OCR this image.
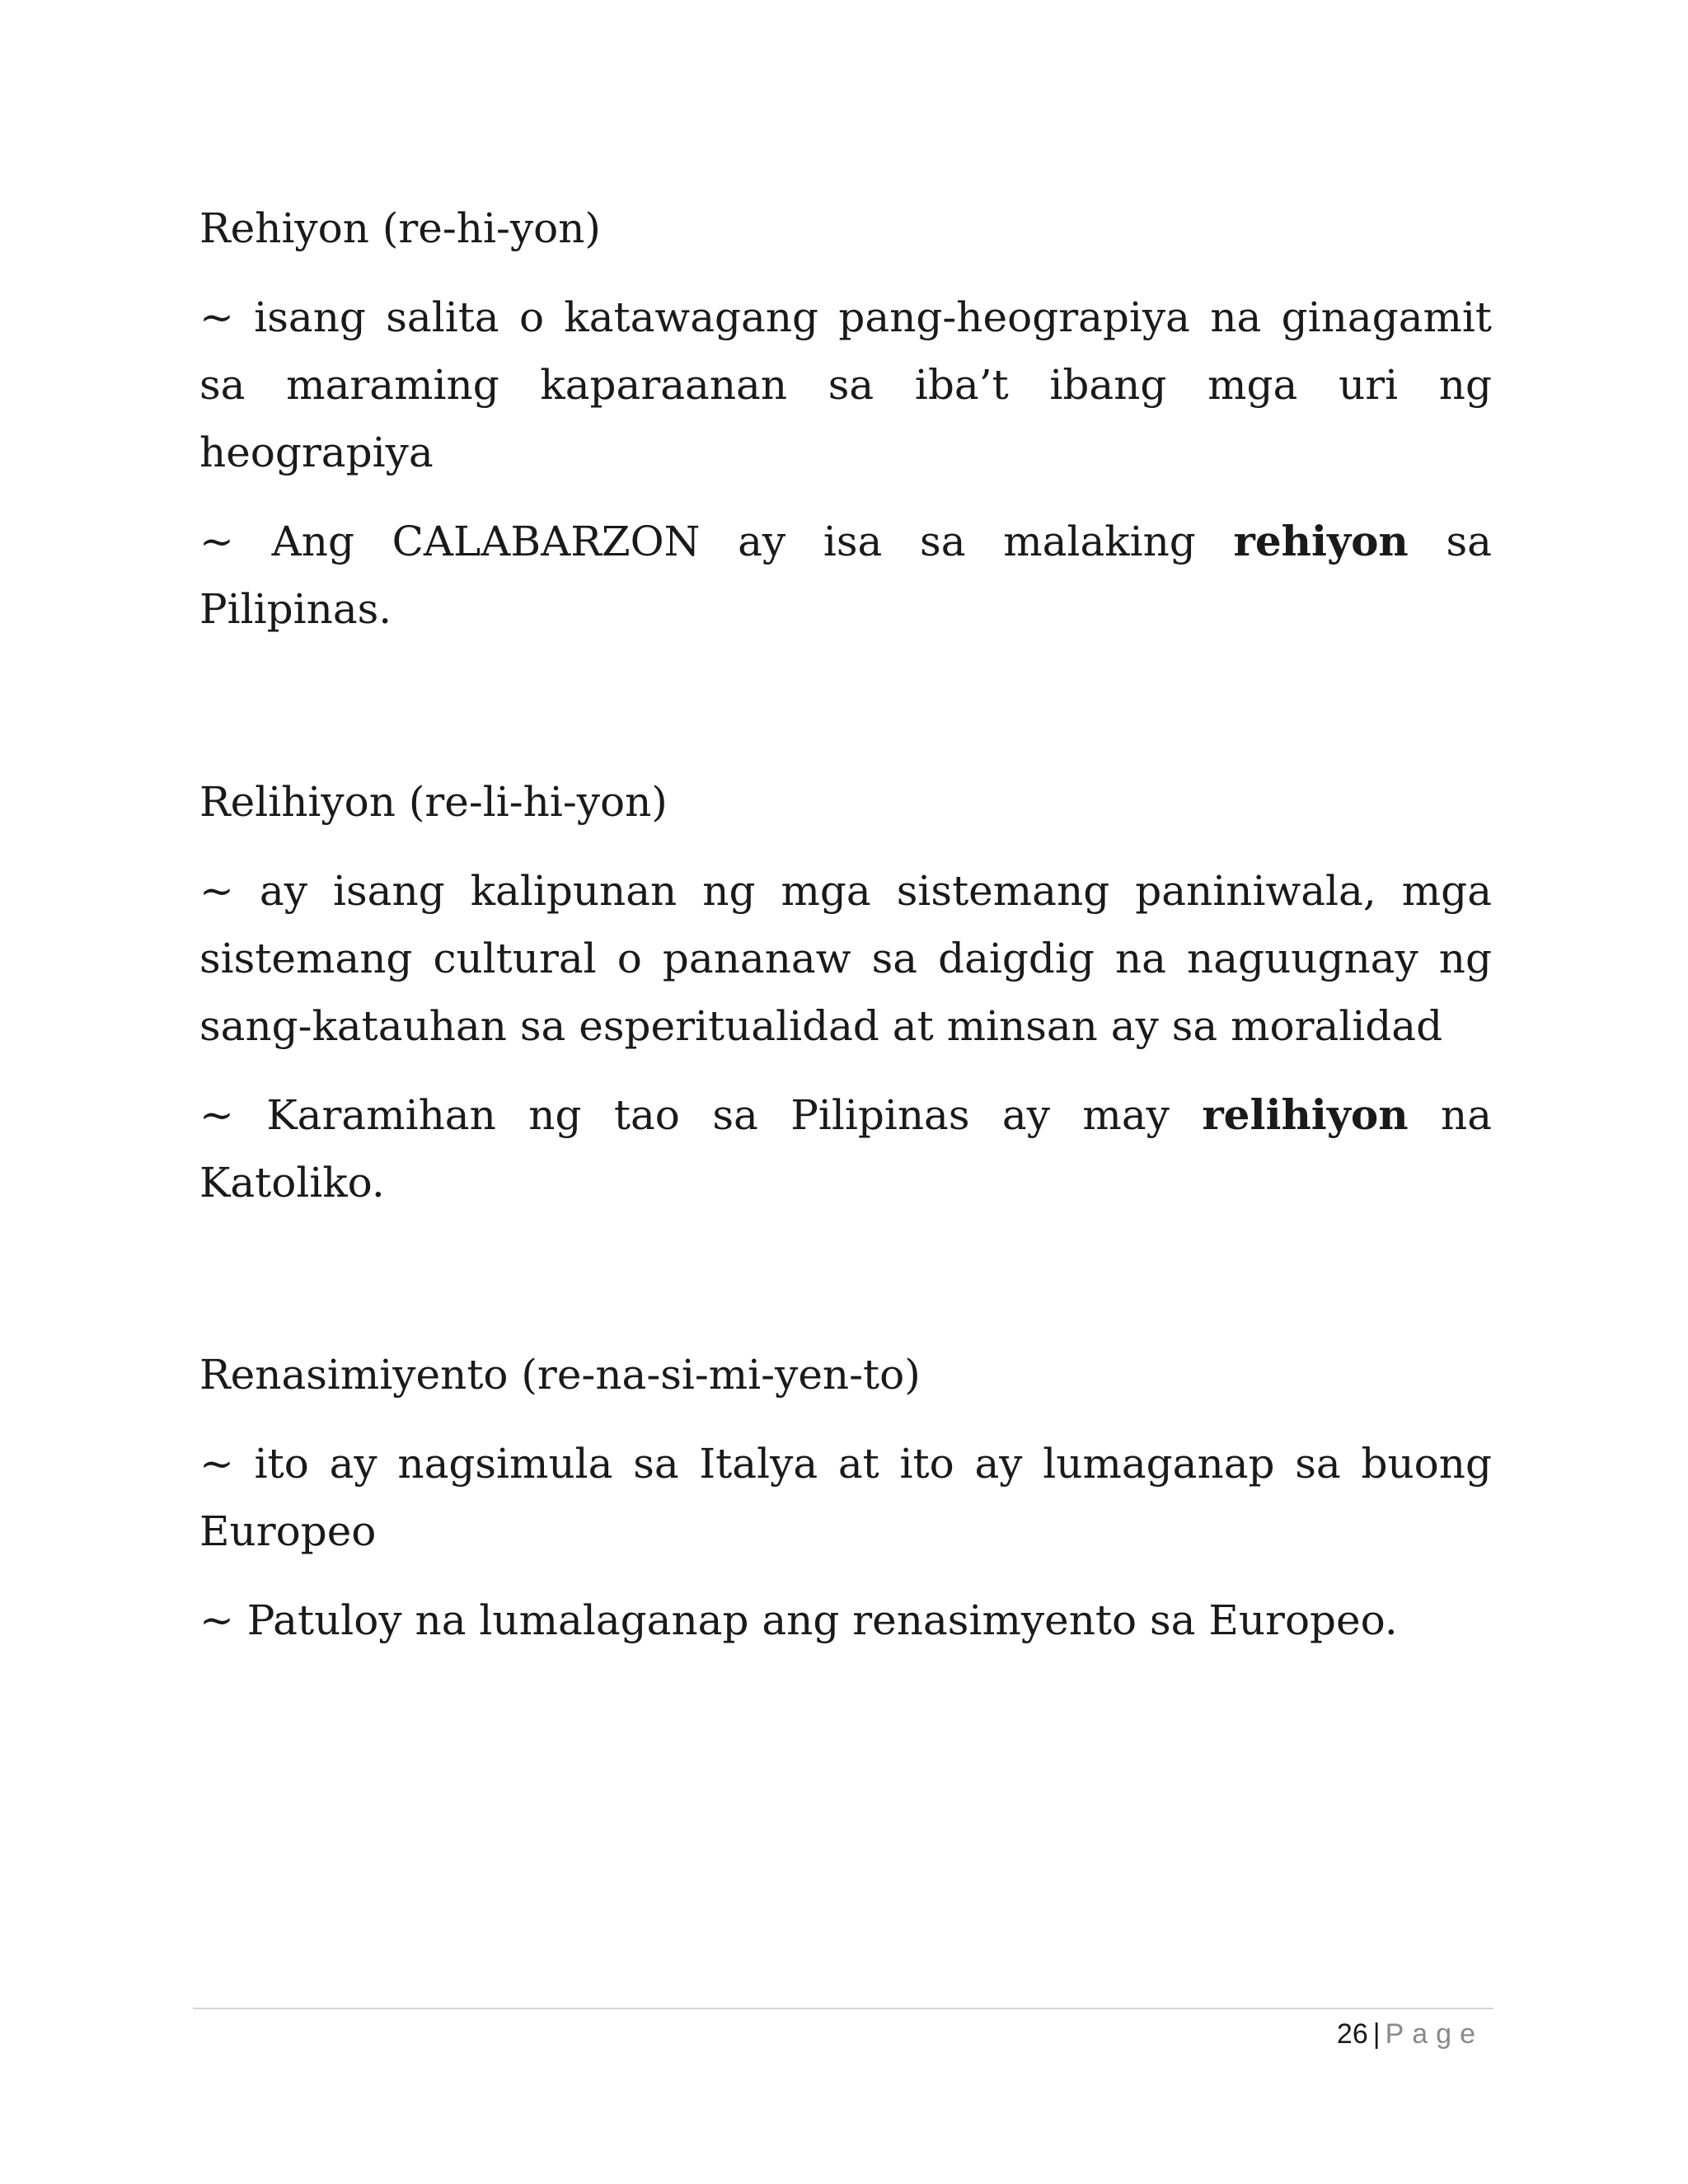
Rehiyon (re-hi-yon)

~ isang salita o katawagang pang-heograpiya na ginagamit sa maraming kaparaanan sa iba’t ibang mga uri ng heograpiya

~ Ang CALABARZON ay isa sa malaking rehiyon sa Pilipinas.

Relihiyon (re-li-hi-yon)

~ ay isang kalipunan ng mga sistemang paniniwala, mga sistemang cultural o pananaw sa daigdig na naguugnay ng sang-katauhan sa esperitualidad at minsan ay sa moralidad

~ Karamihan ng tao sa Pilipinas ay may relihiyon na Katoliko.

Renasimiyento (re-na-si-mi-yen-to)

~ ito ay nagsimula sa Italya at ito ay lumaganap sa buong Europeo

~ Patuloy na lumalaganap ang renasimyento sa Europeo.

26 | Page
